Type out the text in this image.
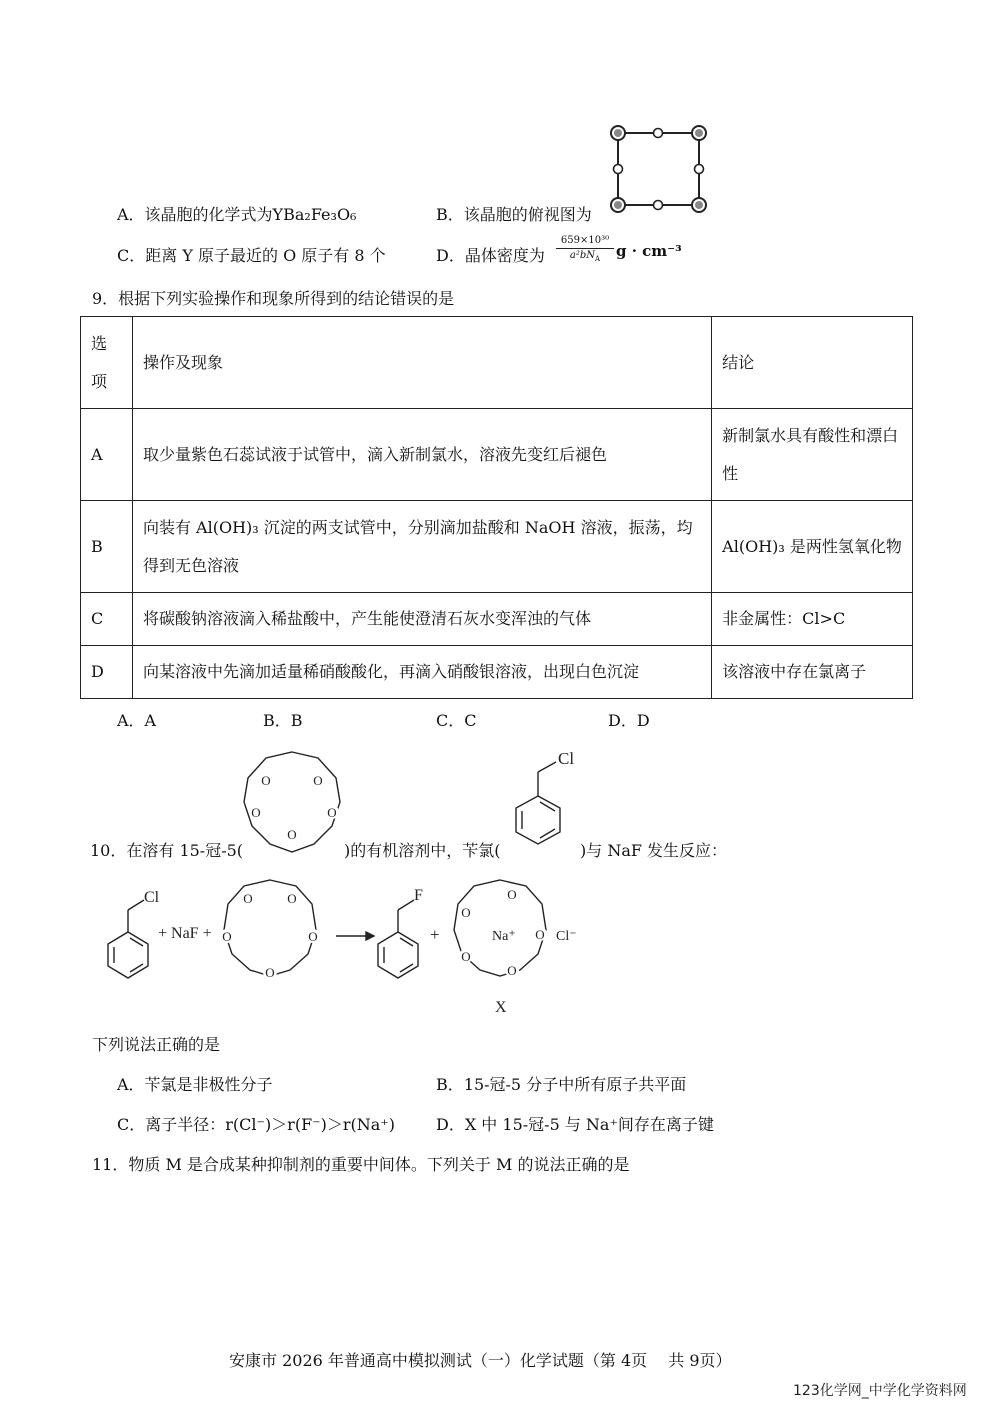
A．该晶胞的化学式为YBa₂Fe₃O₆	B．该晶胞的俯视图为
C．距离 Y 原子最近的 O 原子有 8 个	D．晶体密度为
659×10³⁰
$a^2bN_A$	g · cm⁻³
9．根据下列实验操作和现象所得到的结论错误的是
选
项	操作及现象	结论
A	取少量紫色石蕊试液于试管中，滴入新制氯水，溶液先变红后褪色	新制氯水具有酸性和漂白性
B	向装有 Al(OH)₃ 沉淀的两支试管中，分别滴加盐酸和 NaOH 溶液，振荡，均得到无色溶液	Al(OH)₃ 是两性氢氧化物
C	将碳酸钠溶液滴入稀盐酸中，产生能使澄清石灰水变浑浊的气体	非金属性：Cl>C
D	向某溶液中先滴加适量稀硝酸酸化，再滴入硝酸银溶液，出现白色沉淀	该溶液中存在氯离子
A．A	B．B	C．C	D．D
10．在溶有 15-冠-5(
O	O
O
O
O
)的有机溶剂中，苄氯(
Cl
)与 NaF 发生反应：
Cl
+ NaF +
O	O
O
O
O
F
+
O
O
O
O
O
Na⁺	Cl⁻
X
下列说法正确的是
A．苄氯是非极性分子	B．15-冠-5 分子中所有原子共平面
C．离子半径：r(Cl⁻)＞r(F⁻)＞r(Na⁺)	D．X 中 15-冠-5 与 Na⁺间存在离子键
11．物质 M 是合成某种抑制剂的重要中间体。下列关于 M 的说法正确的是
安康市 2026 年普通高中模拟测试（一）化学试题（第 4页　 共 9页）
123化学网_中学化学资料网
